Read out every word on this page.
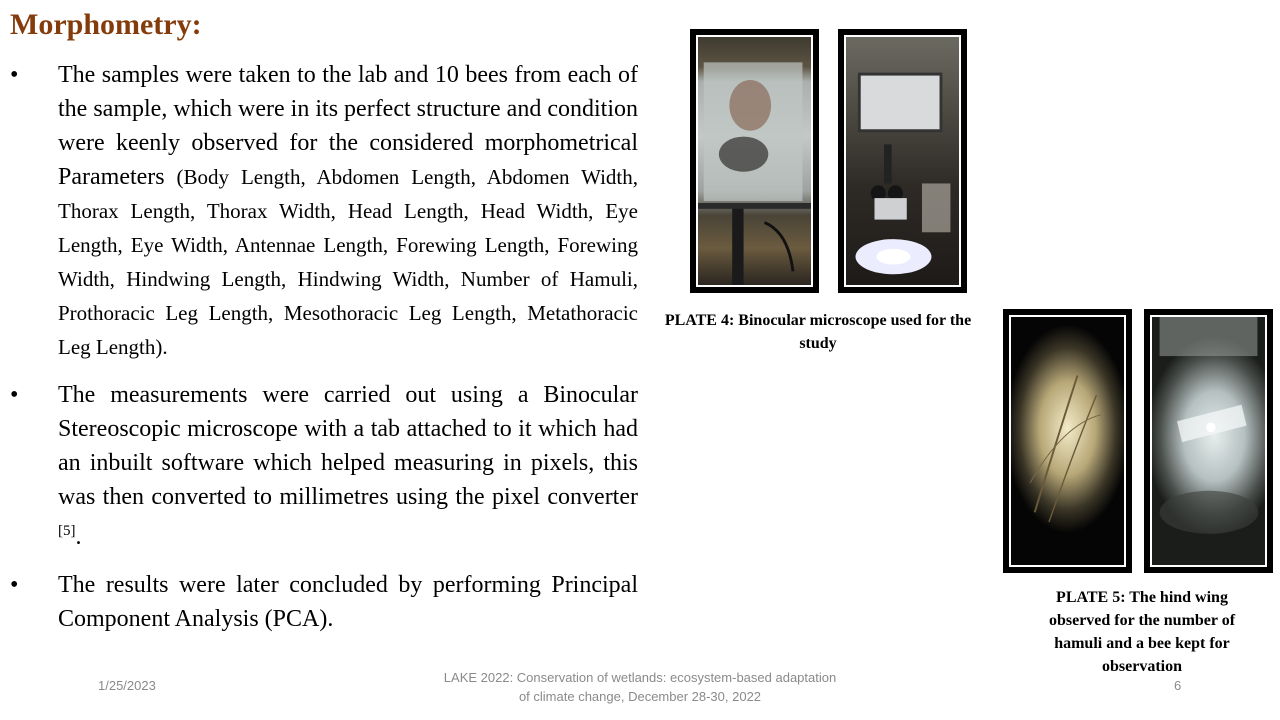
Morphometry:
• The samples were taken to the lab and 10 bees from each of the sample, which were in its perfect structure and condition were keenly observed for the considered morphometrical Parameters (Body Length, Abdomen Length, Abdomen Width, Thorax Length, Thorax Width, Head Length, Head Width, Eye Length, Eye Width, Antennae Length, Forewing Length, Forewing Width, Hindwing Length, Hindwing Width, Number of Hamuli, Prothoracic Leg Length, Mesothoracic Leg Length, Metathoracic Leg Length).
• The measurements were carried out using a Binocular Stereoscopic microscope with a tab attached to it which had an inbuilt software which helped measuring in pixels, this was then converted to millimetres using the pixel converter [5].
• The results were later concluded by performing Principal Component Analysis (PCA).
PLATE 4: Binocular microscope used for the study
PLATE 5: The hind wing observed for the number of hamuli and a bee kept for observation
1/25/2023
LAKE 2022: Conservation of wetlands: ecosystem-based adaptation of climate change, December 28-30, 2022
6
